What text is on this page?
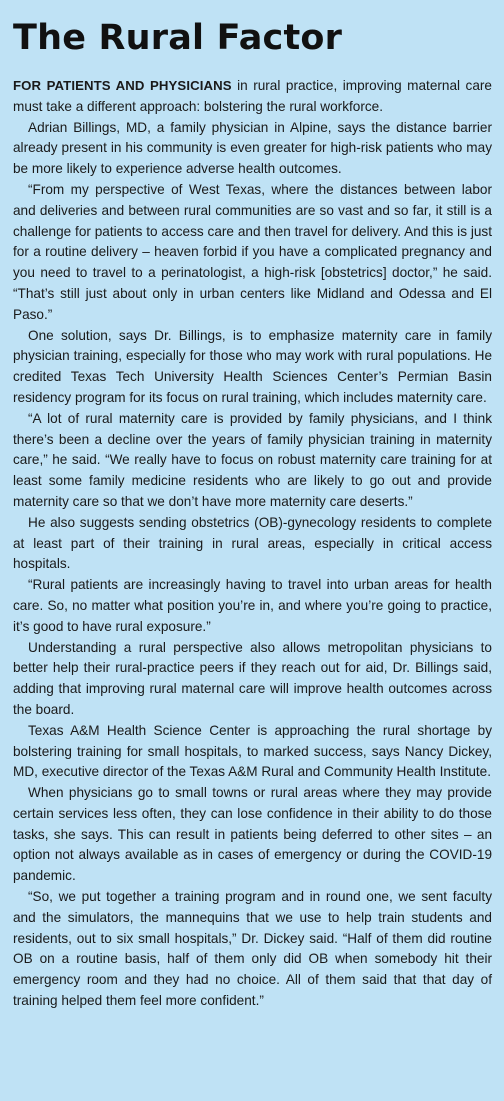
The Rural Factor

FOR PATIENTS AND PHYSICIANS in rural practice, improving maternal care must take a different approach: bolstering the rural workforce.

Adrian Billings, MD, a family physician in Alpine, says the distance barrier already present in his community is even greater for high-risk patients who may be more likely to experience adverse health outcomes.

“From my perspective of West Texas, where the distances between labor and deliveries and between rural communities are so vast and so far, it still is a challenge for patients to access care and then travel for delivery. And this is just for a routine delivery – heaven forbid if you have a complicated pregnancy and you need to travel to a perinatologist, a high-risk [obstetrics] doctor,” he said. “That’s still just about only in urban centers like Midland and Odessa and El Paso.”

One solution, says Dr. Billings, is to emphasize maternity care in family physician training, especially for those who may work with rural populations. He credited Texas Tech University Health Sciences Center’s Permian Basin residency program for its focus on rural training, which includes maternity care.

“A lot of rural maternity care is provided by family physicians, and I think there’s been a decline over the years of family physician training in maternity care,” he said. “We really have to focus on robust maternity care training for at least some family medicine residents who are likely to go out and provide maternity care so that we don’t have more maternity care deserts.”

He also suggests sending obstetrics (OB)-gynecology residents to complete at least part of their training in rural areas, especially in critical access hospitals.

“Rural patients are increasingly having to travel into urban areas for health care. So, no matter what position you’re in, and where you’re going to practice, it’s good to have rural exposure.”

Understanding a rural perspective also allows metropolitan physicians to better help their rural-practice peers if they reach out for aid, Dr. Billings said, adding that improving rural maternal care will improve health outcomes across the board.

Texas A&M Health Science Center is approaching the rural shortage by bolstering training for small hospitals, to marked success, says Nancy Dickey, MD, executive director of the Texas A&M Rural and Community Health Institute.

When physicians go to small towns or rural areas where they may provide certain services less often, they can lose confidence in their ability to do those tasks, she says. This can result in patients being deferred to other sites – an option not always available as in cases of emergency or during the COVID-19 pandemic.

“So, we put together a training program and in round one, we sent faculty and the simulators, the mannequins that we use to help train students and residents, out to six small hospitals,” Dr. Dickey said. “Half of them did routine OB on a routine basis, half of them only did OB when somebody hit their emergency room and they had no choice. All of them said that that day of training helped them feel more confident.”
